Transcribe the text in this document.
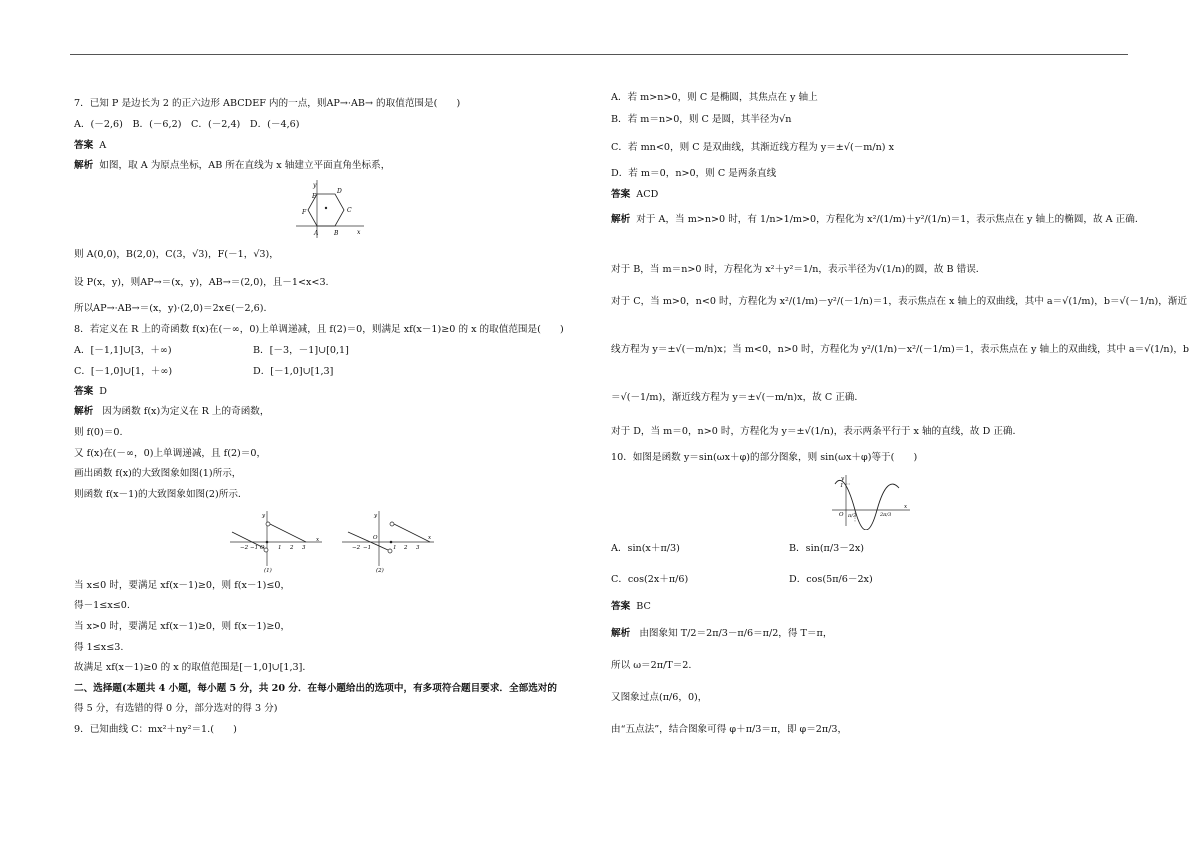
7．已知 P 是边长为 2 的正六边形 ABCDEF 内的一点，则AP→·AB→ 的取值范围是(　　)
A．(－2,6)　B．(－6,2)　C．(－2,4)　D．(－4,6)
答案 A
解析 如图，取 A 为原点坐标，AB 所在直线为 x 轴建立平面直角坐标系，
y
D
E
F	C
A	B	x
则 A(0,0)，B(2,0)，C(3，√3)，F(－1，√3)，
设 P(x，y)，则AP→＝(x，y)，AB→＝(2,0)，且－1<x<3.
所以AP→·AB→＝(x，y)·(2,0)＝2x∈(－2,6)．
8．若定义在 R 上的奇函数 f(x)在(－∞，0)上单调递减，且 f(2)＝0，则满足 xf(x－1)≥0 的 x 的取值范围是(　　)
A．[－1,1]∪[3，＋∞)	B．[－3，－1]∪[0,1]
C．[－1,0]∪[1，＋∞)	D．[－1,0]∪[1,3]
答案 D
解析 因为函数 f(x)为定义在 R 上的奇函数，
则 f(0)＝0.
又 f(x)在(－∞，0)上单调递减，且 f(2)＝0，
画出函数 f(x)的大致图象如图(1)所示，
则函数 f(x－1)的大致图象如图(2)所示．
y
x
−2 −1 O 1 2 3
(1)
y
x
−2 −1
O
1 2 3
(2)
当 x≤0 时，要满足 xf(x－1)≥0，则 f(x－1)≤0，
得－1≤x≤0.
当 x>0 时，要满足 xf(x－1)≥0，则 f(x－1)≥0，
得 1≤x≤3.
故满足 xf(x－1)≥0 的 x 的取值范围是[－1,0]∪[1,3]．
二、选择题(本题共 4 小题，每小题 5 分，共 20 分．在每小题给出的选项中，有多项符合题目要求．全部选对的
得 5 分，有选错的得 0 分，部分选对的得 3 分)
9．已知曲线 C：mx²＋ny²＝1.(　　)
A．若 m>n>0，则 C 是椭圆，其焦点在 y 轴上
B．若 m＝n>0，则 C 是圆，其半径为√n
C．若 mn<0，则 C 是双曲线，其渐近线方程为 y＝±√(－m/n) x
D．若 m＝0，n>0，则 C 是两条直线
答案 ACD
解析 对于 A，当 m>n>0 时，有 1/n>1/m>0，方程化为 x²/(1/m)＋y²/(1/n)＝1，表示焦点在 y 轴上的椭圆，故 A 正确．
对于 B，当 m＝n>0 时，方程化为 x²＋y²＝1/n，表示半径为√(1/n)的圆，故 B 错误．
对于 C，当 m>0，n<0 时，方程化为 x²/(1/m)－y²/(－1/n)＝1，表示焦点在 x 轴上的双曲线，其中 a＝√(1/m)，b＝√(－1/n)，渐近
线方程为 y＝±√(－m/n)x；当 m<0，n>0 时，方程化为 y²/(1/n)－x²/(－1/m)＝1，表示焦点在 y 轴上的双曲线，其中 a＝√(1/n)，b
＝√(－1/m)，渐近线方程为 y＝±√(－m/n)x，故 C 正确．
对于 D，当 m＝0，n>0 时，方程化为 y＝±√(1/n)，表示两条平行于 x 轴的直线，故 D 正确．
10．如图是函数 y＝sin(ωx＋φ)的部分图象，则 sin(ωx＋φ)等于(　　)
y
1
O π/3	2π/3
x
A．sin(x＋π/3)	B．sin(π/3－2x)
C．cos(2x＋π/6)	D．cos(5π/6－2x)
答案 BC
解析 由图象知 T/2＝2π/3－π/6＝π/2，得 T＝π，
所以 ω＝2π/T＝2.
又图象过点(π/6，0)，
由“五点法”，结合图象可得 φ＋π/3＝π，即 φ＝2π/3，
